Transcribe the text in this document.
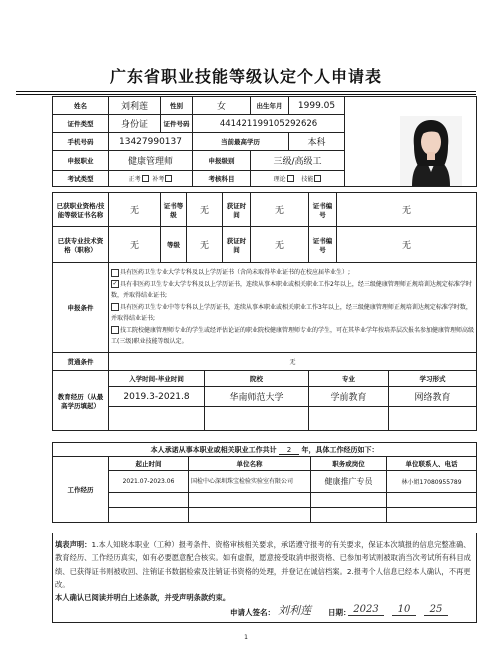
广东省职业技能等级认定个人申请表
姓名	刘利莲	性别	女	出生年月	1999.05	
证件类型	身份证	证件号码	441421199105292626			
手机号码	13427990137		当前最高学历		本科	
申报职业	健康管理师		申报级别	三级/高级工		
考试类型	正考 补考		考核科目	理论 技能		
已获职业资格/技能等级证书名称	无	证书等级	无	获证时间	无	证书编号	无
已获专业技术资格（职称）	无	等级	无	获证时间	无	证书编号	无
申报条件	具有医药卫生专业大学专科及以上学历证书（含尚未取得毕业证书的在校应届毕业生）;

✓ 具有非医药卫生专业大学专科及以上学历证书，连续从事本职业或相关职业工作2年以上，经三级健康管理师正规培训达规定标准学时数，并取得结业证书;

具有医药卫生专业中等专科以上学历证书，连续从事本职业或相关职业工作3年以上，经三级健康管理师正规培训达规定标准学时数，并取得结业证书;

技工院校健康管理师专业的学生或经评估论证的职业院校健康管理师专业的学生，可在其毕业学年按培养层次报名参加健康管理师高级工(三级)职业技能等级认定。

贯通条件	无
教育经历（从最高学历填起）	入学时间-毕业时间	院校	专业	学习形式
	2019.3-2021.8	华南师范大学	学前教育	网络教育

本人承诺从事本职业或相关职业工作共计 2 年，具体工作经历如下：				
工作经历	起止时间	单位名称	职务或岗位	单位联系人、电话
	2021.07-2023.06	国检中心深圳珠宝检验实验室有限公司	健康推广专员	林小姐17080955789

填表声明：1.本人知晓本职业（工种）报考条件、资格审核相关要求，承诺遵守报考的有关要求，保证本次填报的信息完整准确、教育经历、工作经历真实，如有必要愿意配合核实。如有虚假，愿意接受取消申报资格、已参加考试则被取消当次考试所有科目成绩、已获得证书则被收回、注销证书数据检索及注销证书资格的处理，并登记在诚信档案。2.报考个人信息已经本人确认，不再更改。
本人确认已阅读并明白上述条款，并受声明条款约束。
申请人签名： 刘利莲 日期： 2023	10	25
1
